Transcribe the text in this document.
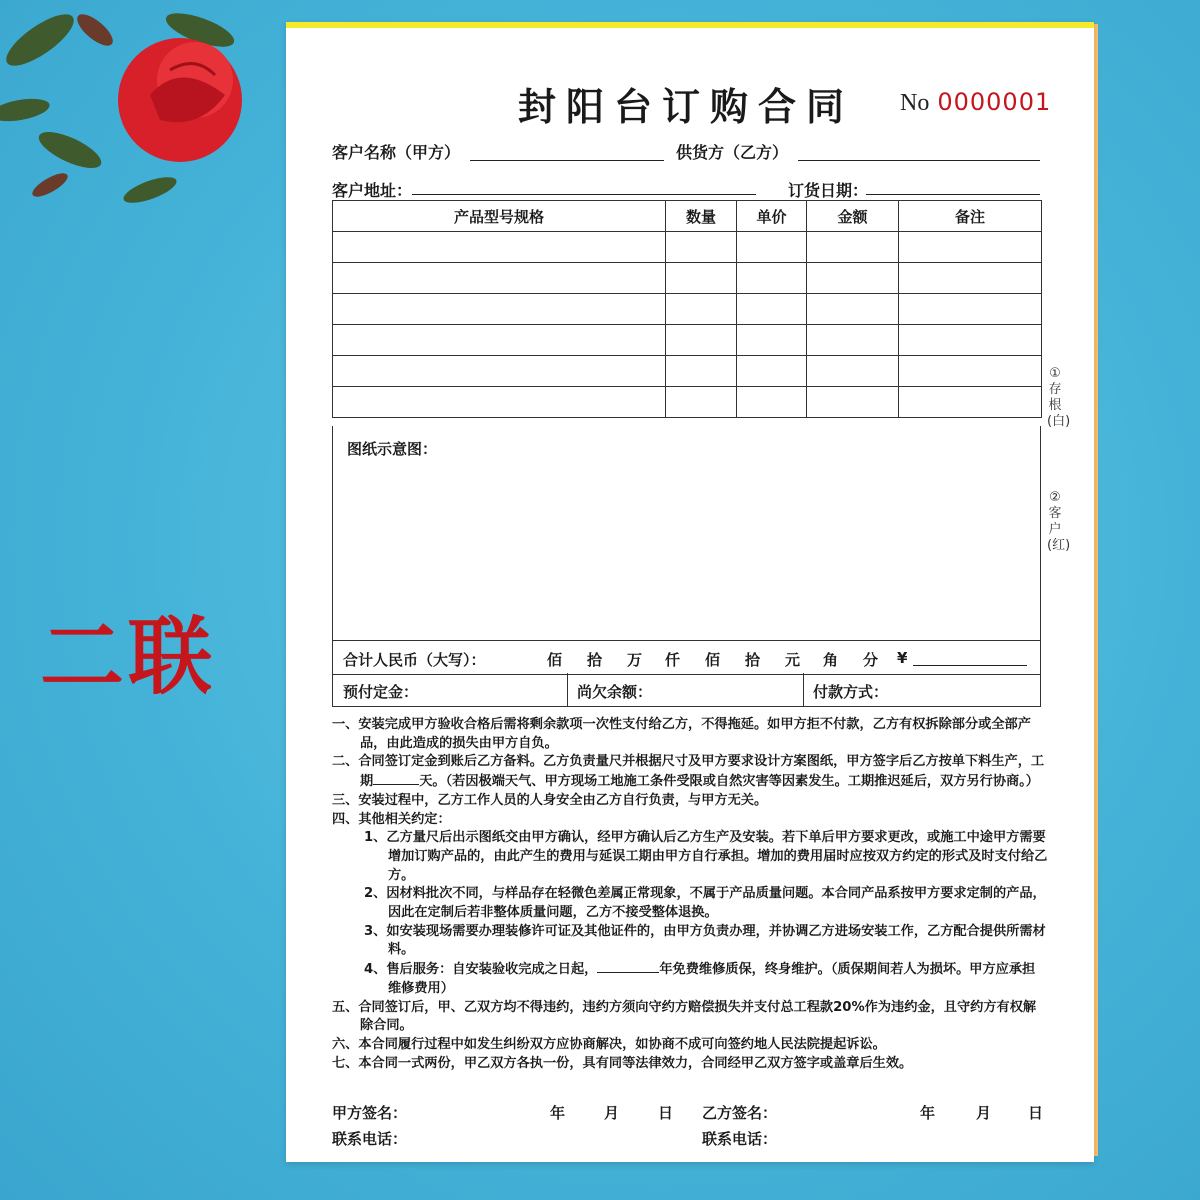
二联
封阳台订购合同 No 0000001
客户名称（甲方）	供货方（乙方）
客户地址：	订货日期：
产品型号规格	数量	单价	金额	备注

图纸示意图：
合计人民币（大写）：	佰 拾 万 仟 佰 拾 元 角 分 ¥
预付定金：	尚欠余额：	付款方式：

一、安装完成甲方验收合格后需将剩余款项一次性支付给乙方，不得拖延。如甲方拒不付款，乙方有权拆除部分或全部产品，由此造成的损失由甲方自负。

二、合同签订定金到账后乙方备料。乙方负责量尺并根据尺寸及甲方要求设计方案图纸，甲方签字后乙方按单下料生产，工期	天。（若因极端天气、甲方现场工地施工条件受限或自然灾害等因素发生。工期推迟延后，双方另行协商。）

三、安装过程中，乙方工作人员的人身安全由乙方自行负责，与甲方无关。

四、其他相关约定：

1、乙方量尺后出示图纸交由甲方确认，经甲方确认后乙方生产及安装。若下单后甲方要求更改，或施工中途甲方需要增加订购产品的，由此产生的费用与延误工期由甲方自行承担。增加的费用届时应按双方约定的形式及时支付给乙方。

2、因材料批次不同，与样品存在轻微色差属正常现象，不属于产品质量问题。本合同产品系按甲方要求定制的产品，因此在定制后若非整体质量问题，乙方不接受整体退换。

3、如安装现场需要办理装修许可证及其他证件的，由甲方负责办理，并协调乙方进场安装工作，乙方配合提供所需材料。

4、售后服务：自安装验收完成之日起，	年免费维修质保，终身维护。（质保期间若人为损坏。甲方应承担维修费用）

五、合同签订后，甲、乙双方均不得违约，违约方须向守约方赔偿损失并支付总工程款20%作为违约金，且守约方有权解除合同。

六、本合同履行过程中如发生纠纷双方应协商解决，如协商不成可向签约地人民法院提起诉讼。

七、本合同一式两份，甲乙双方各执一份，具有同等法律效力，合同经甲乙双方签字或盖章后生效。

甲方签名：	年	月	日 乙方签名：	年	月 日
联系电话：	联系电话：
①存根(白)
②客户(红)
